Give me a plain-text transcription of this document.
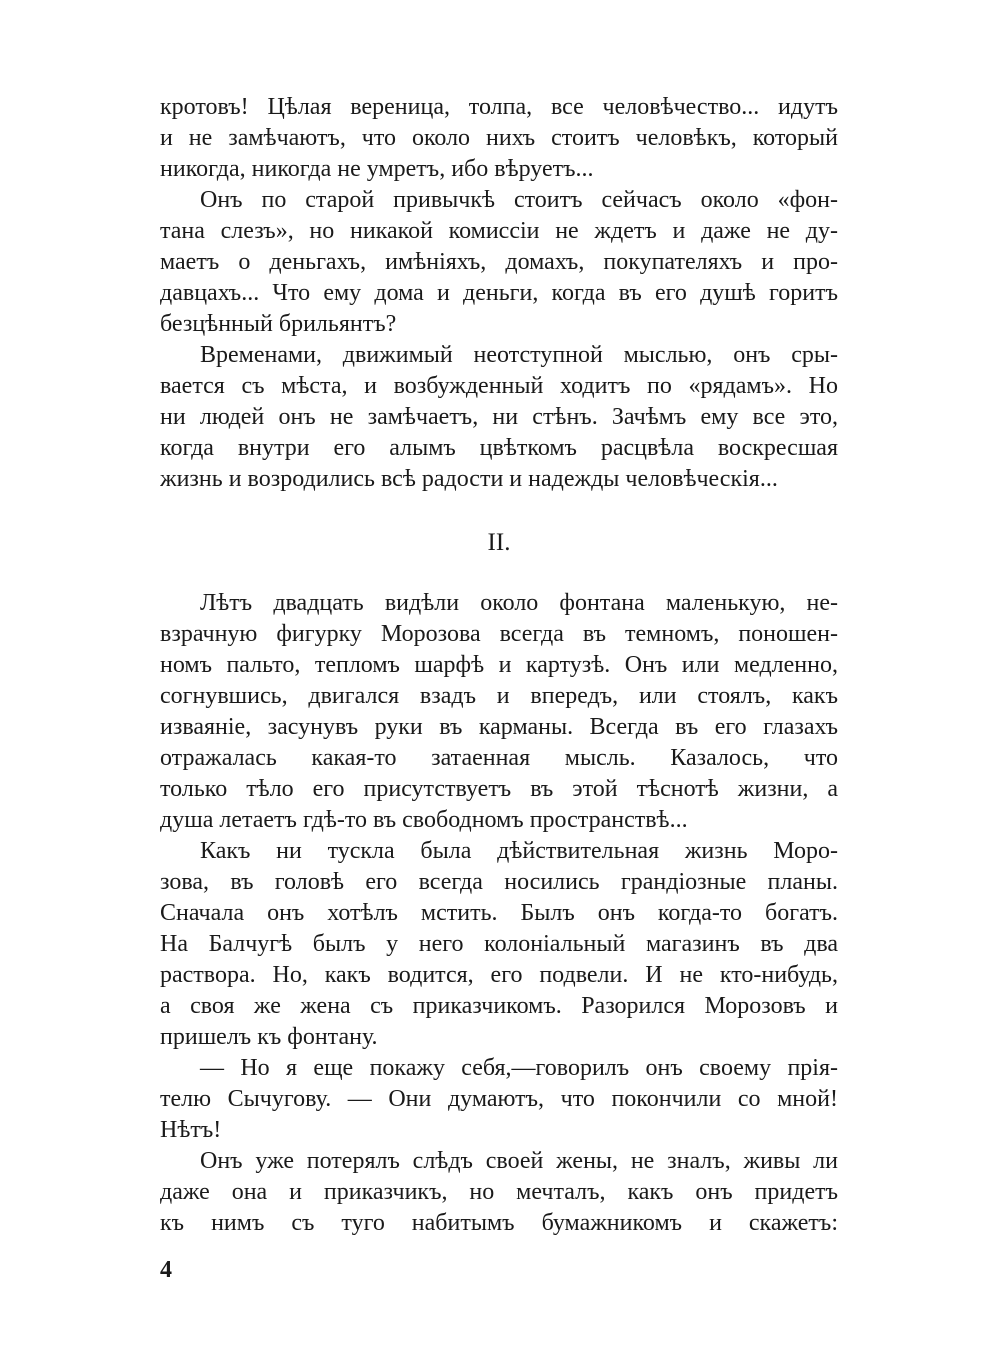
кротовъ! Цѣлая вереница, толпа, все человѣчество... идутъ
и не замѣчаютъ, что около нихъ стоитъ человѣкъ, который
никогда, никогда не умретъ, ибо вѣруетъ...
Онъ по старой привычкѣ стоитъ сейчасъ около «фон-
тана слезъ», но никакой комиссіи не ждетъ и даже не ду-
маетъ о деньгахъ, имѣніяхъ, домахъ, покупателяхъ и про-
давцахъ... Что ему дома и деньги, когда въ его душѣ горитъ
безцѣнный брильянтъ?
Временами, движимый неотступной мыслью, онъ сры-
вается съ мѣста, и возбужденный ходитъ по «рядамъ». Но
ни людей онъ не замѣчаетъ, ни стѣнъ. Зачѣмъ ему все это,
когда внутри его алымъ цвѣткомъ расцвѣла воскресшая
жизнь и возродились всѣ радости и надежды человѣческія...
II.
Лѣтъ двадцать видѣли около фонтана маленькую, не-
взрачную фигурку Морозова всегда въ темномъ, поношен-
номъ пальто, тепломъ шарфѣ и картузѣ. Онъ или медленно,
согнувшись, двигался взадъ и впередъ, или стоялъ, какъ
изваяніе, засунувъ руки въ карманы. Всегда въ его глазахъ
отражалась какая-то затаенная мысль. Казалось, что
только тѣло его присутствуетъ въ этой тѣснотѣ жизни, а
душа летаетъ гдѣ-то въ свободномъ пространствѣ...
Какъ ни тускла была дѣйствительная жизнь Моро-
зова, въ головѣ его всегда носились грандіозные планы.
Сначала онъ хотѣлъ мстить. Былъ онъ когда-то богатъ.
На Балчугѣ былъ у него колоніальный магазинъ въ два
раствора. Но, какъ водится, его подвели. И не кто-нибудь,
а своя же жена съ приказчикомъ. Разорился Морозовъ и
пришелъ къ фонтану.
— Но я еще покажу себя,—говорилъ онъ своему прія-
телю Сычугову. — Они думаютъ, что покончили со мной!
Нѣтъ!
Онъ уже потерялъ слѣдъ своей жены, не зналъ, живы ли
даже она и приказчикъ, но мечталъ, какъ онъ придетъ
къ нимъ съ туго набитымъ бумажникомъ и скажетъ:
4
